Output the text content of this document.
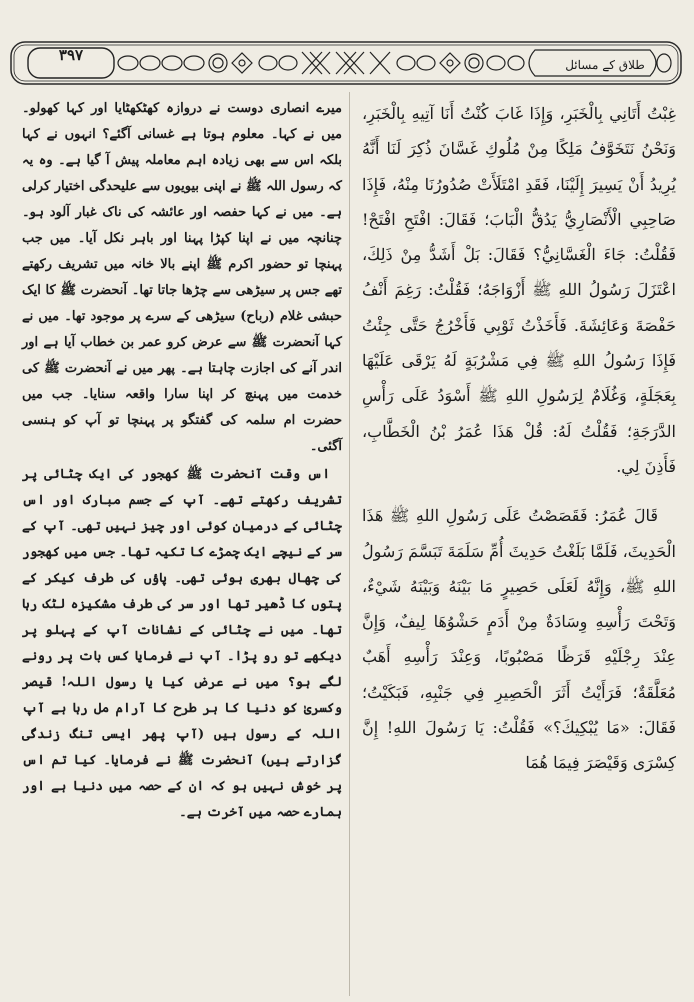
٣٩٧
طلاق کے مسائل

میرے انصاری دوست نے دروازہ کھٹکھٹایا اور کہا کھولو۔ میں نے کہا۔ معلوم ہوتا ہے غسانی آگئے؟ انہوں نے کہا بلکہ اس سے بھی زیادہ اہم معاملہ پیش آ گیا ہے۔ وہ یہ کہ رسول اللہ ﷺ نے اپنی بیویوں سے علیحدگی اختیار کرلی ہے۔ میں نے کہا حفصہ اور عائشہ کی ناک غبار آلود ہو۔ چنانچہ میں نے اپنا کپڑا پہنا اور باہر نکل آیا۔ میں جب پہنچا تو حضور اکرم ﷺ اپنے بالا خانہ میں تشریف رکھتے تھے جس پر سیڑھی سے چڑھا جاتا تھا۔ آنحضرت ﷺ کا ایک حبشی غلام (رباح) سیڑھی کے سرے پر موجود تھا۔ میں نے کہا آنحضرت ﷺ سے عرض کرو عمر بن خطاب آیا ہے اور اندر آنے کی اجازت چاہتا ہے۔ پھر میں نے آنحضرت ﷺ کی خدمت میں پہنچ کر اپنا سارا واقعہ سنایا۔ جب میں حضرت ام سلمہ کی گفتگو پر پہنچا تو آپ کو ہنسی آگئی۔

اس وقت آنحضرت ﷺ کھجور کی ایک چٹائی پر تشریف رکھتے تھے۔ آپ کے جسم مبارک اور اس چٹائی کے درمیان کوئی اور چیز نہیں تھی۔ آپ کے سر کے نیچے ایک چمڑے کا تکیہ تھا۔ جس میں کھجور کی چھال بھری ہوئی تھی۔ پاؤں کی طرف کیکر کے پتوں کا ڈھیر تھا اور سر کی طرف مشکیزہ لٹک رہا تھا۔ میں نے چٹائی کے نشانات آپ کے پہلو پر دیکھے تو رو پڑا۔ آپ نے فرمایا کس بات پر رونے لگے ہو؟ میں نے عرض کیا یا رسول اللہ! قیصر وکسریٰ کو دنیا کا ہر طرح کا آرام مل رہا ہے آپ اللہ کے رسول ہیں (آپ پھر ایسی تنگ زندگی گزارتے ہیں) آنحضرت ﷺ نے فرمایا۔ کیا تم اس پر خوش نہیں ہو کہ ان کے حصہ میں دنیا ہے اور ہمارے حصہ میں آخرت ہے۔

غِبْتُ أَتَانِي بِالْخَبَرِ، وَإِذَا غَابَ كُنْتُ أَنَا آتِيهِ بِالْخَبَرِ، وَنَحْنُ نَتَخَوَّفُ مَلِكًا مِنْ مُلُوكِ غَسَّانَ ذُكِرَ لَنَا أَنَّهُ يُرِيدُ أَنْ يَسِيرَ إِلَيْنَا، فَقَدِ امْتَلَأَتْ صُدُورُنَا مِنْهُ، فَإِذَا صَاحِبِي الْأَنْصَارِيُّ يَدُقُّ الْبَابَ؛ فَقَالَ: افْتَحِ افْتَحْ! فَقُلْتُ: جَاءَ الْغَسَّانِيُّ؟ فَقَالَ: بَلْ أَشَدُّ مِنْ ذَلِكَ، اعْتَزَلَ رَسُولُ اللهِ ﷺ أَزْوَاجَهُ؛ فَقُلْتُ: رَغِمَ أَنْفُ حَفْصَةَ وَعَائِشَةَ. فَأَخَذْتُ ثَوْبِي فَأَخْرُجُ حَتَّى جِئْتُ فَإِذَا رَسُولُ اللهِ ﷺ فِي مَشْرُبَةٍ لَهُ يَرْقَى عَلَيْهَا بِعَجَلَةٍ، وَغُلَامٌ لِرَسُولِ اللهِ ﷺ أَسْوَدُ عَلَى رَأْسِ الدَّرَجَةِ؛ فَقُلْتُ لَهُ: قُلْ هَذَا عُمَرُ بْنُ الْخَطَّابِ، فَأَذِنَ لِي.

قَالَ عُمَرُ: فَقَصَصْتُ عَلَى رَسُولِ اللهِ ﷺ هَذَا الْحَدِيثَ، فَلَمَّا بَلَغْتُ حَدِيثَ أُمِّ سَلَمَةَ تَبَسَّمَ رَسُولُ اللهِ ﷺ، وَإِنَّهُ لَعَلَى حَصِيرٍ مَا بَيْنَهُ وَبَيْنَهُ شَيْءٌ، وَتَحْتَ رَأْسِهِ وِسَادَةٌ مِنْ أَدَمٍ حَشْوُهَا لِيفٌ، وَإِنَّ عِنْدَ رِجْلَيْهِ قَرَظًا مَصْبُوبًا، وَعِنْدَ رَأْسِهِ أَهَبٌ مُعَلَّقَةٌ؛ فَرَأَيْتُ أَثَرَ الْحَصِيرِ فِي جَنْبِهِ، فَبَكَيْتُ؛ فَقَالَ: «مَا يُبْكِيكَ؟» فَقُلْتُ: يَا رَسُولَ اللهِ! إِنَّ كِسْرَى وَقَيْصَرَ فِيمَا هُمَا
